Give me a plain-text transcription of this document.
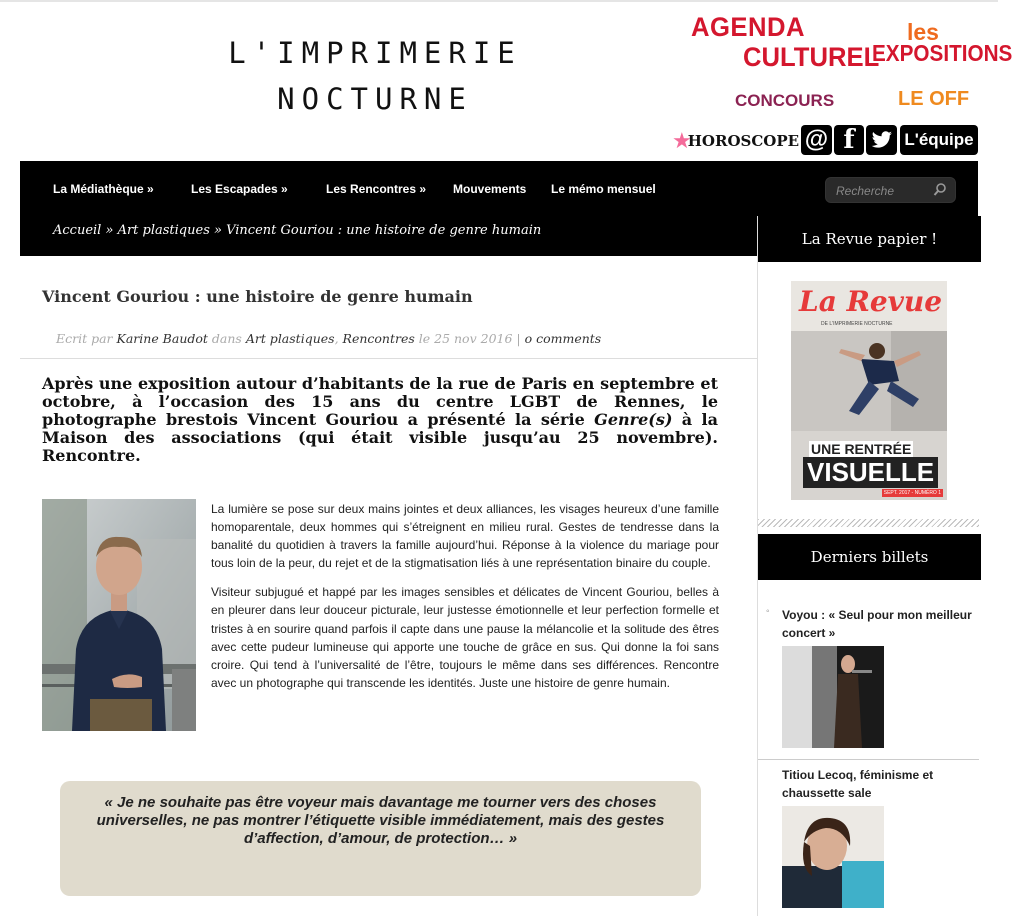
L'IMPRIMERIE
NOCTURNE
AGENDA
CULTUREL
les
EXPOSITIONS
CONCOURS	LE OFF
★
HOROSCOPE @ f	L'équipe
La Médiathèque »	Les Escapades »	Les Rencontres » Mouvements Le mémo mensuel
Recherche
Accueil » Art plastiques » Vincent Gouriou : une histoire de genre humain
Vincent Gouriou : une histoire de genre humain
Ecrit par Karine Baudot dans Art plastiques, Rencontres le 25 nov 2016 | o comments
Après une exposition autour d’habitants de la rue de Paris en septembre et octobre, à l’occasion des 15 ans du centre LGBT de Rennes, le photographe brestois Vincent Gouriou a présenté la série Genre(s) à la Maison des associations (qui était visible jusqu’au 25 novembre). Rencontre.

La lumière se pose sur deux mains jointes et deux alliances, les visages heureux d’une famille homoparentale, deux hommes qui s’étreignent en milieu rural. Gestes de tendresse dans la banalité du quotidien à travers la famille aujourd’hui. Réponse à la violence du mariage pour tous loin de la peur, du rejet et de la stigmatisation liés à une représentation binaire du couple.

Visiteur subjugué et happé par les images sensibles et délicates de Vincent Gouriou, belles à en pleurer dans leur douceur picturale, leur justesse émotionnelle et leur perfection formelle et tristes à en sourire quand parfois il capte dans une pause la mélancolie et la solitude des êtres avec cette pudeur lumineuse qui apporte une touche de grâce en sus. Qui donne la foi sans croire. Qui tend à l’universalité de l’être, toujours le même dans ses différences. Rencontre avec un photographe qui transcende les identités. Juste une histoire de genre humain.

« Je ne souhaite pas être voyeur mais davantage me tourner vers des choses universelles, ne pas montrer l’étiquette visible immédiatement, mais des gestes d’affection, d’amour, de protection… »
La Revue papier !
La Revue
DE L'IMPRIMERIE NOCTURNE
UNE RENTRÉE
VISUELLE
SEPT. 2017 - NUMÉRO 1
Derniers billets
◦ Voyou : « Seul pour mon meilleur concert »
Titiou Lecoq, féminisme et chaussette sale
